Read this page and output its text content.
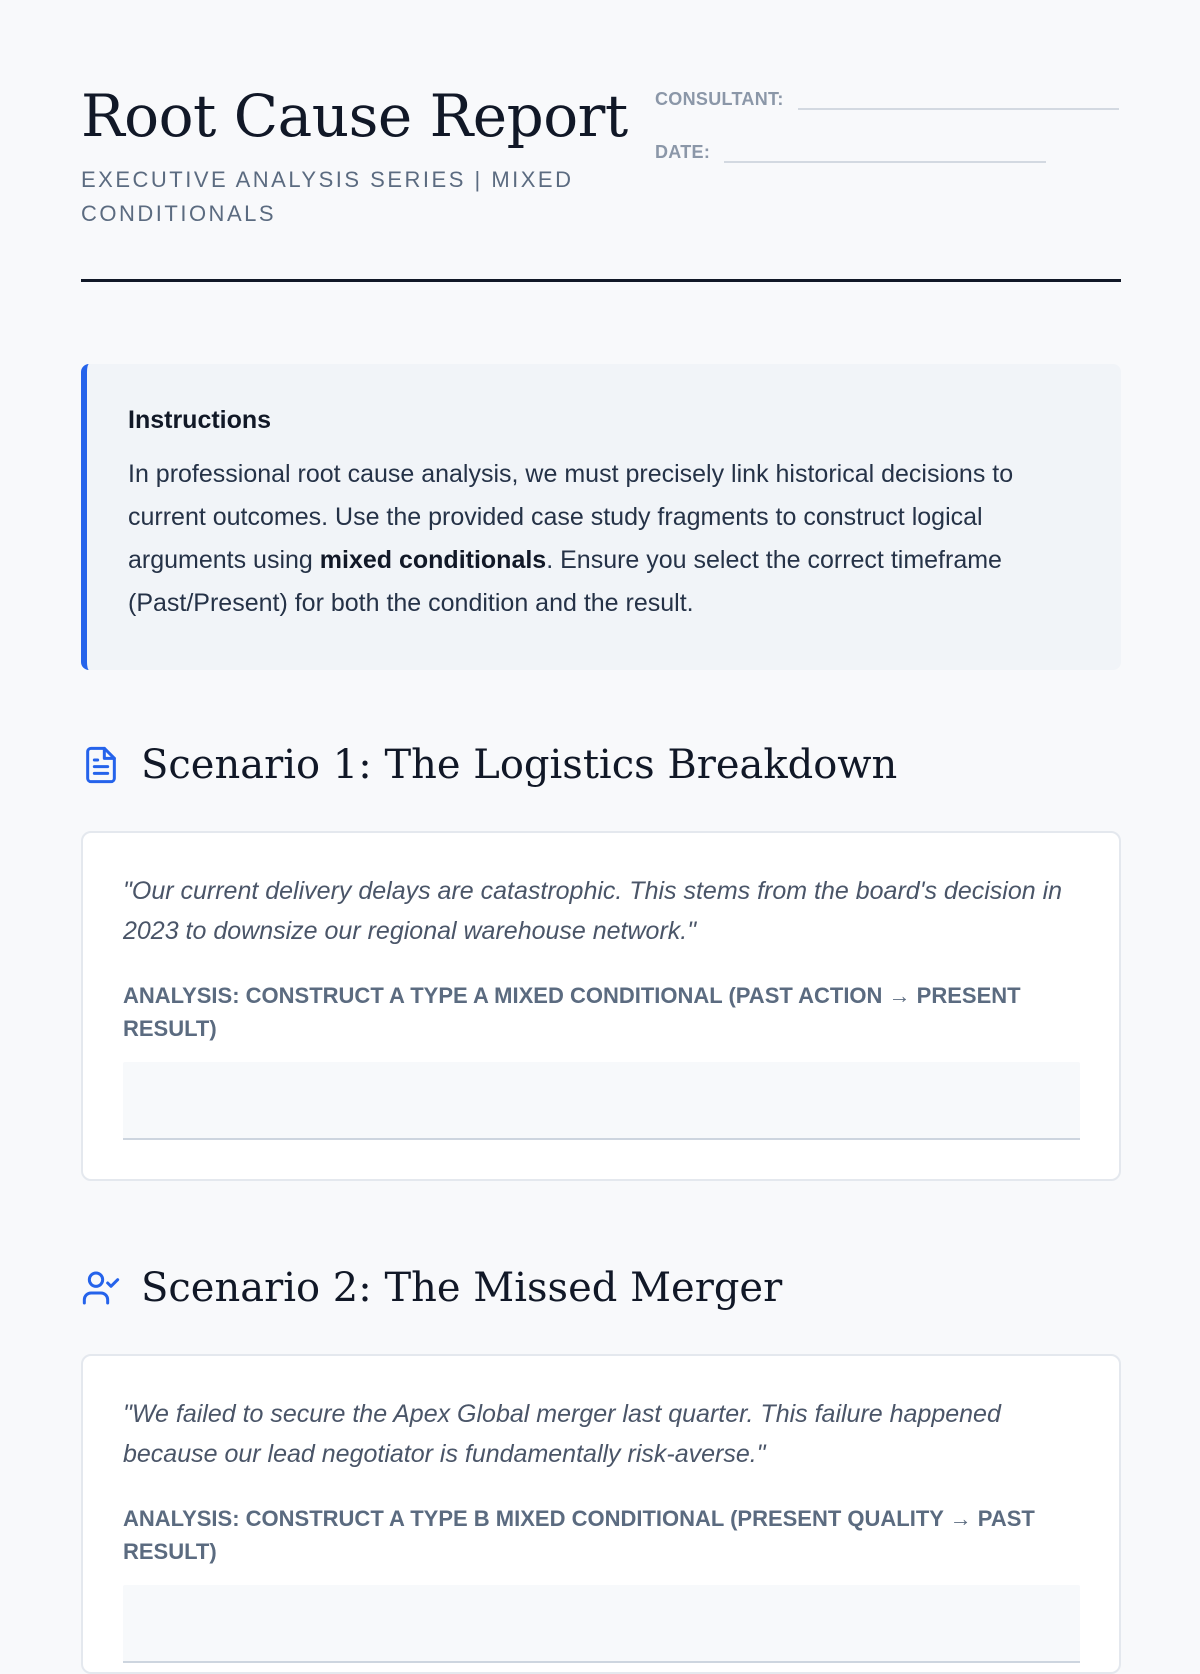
Root Cause Report

EXECUTIVE ANALYSIS SERIES | MIXED CONDITIONALS

CONSULTANT:
DATE:

Instructions

In professional root cause analysis, we must precisely link historical decisions to current outcomes. Use the provided case study fragments to construct logical arguments using mixed conditionals. Ensure you select the correct timeframe (Past/Present) for both the condition and the result.

Scenario 1: The Logistics Breakdown

"Our current delivery delays are catastrophic. This stems from the board's decision in 2023 to downsize our regional warehouse network."

ANALYSIS: CONSTRUCT A TYPE A MIXED CONDITIONAL (PAST ACTION → PRESENT RESULT)

Scenario 2: The Missed Merger

"We failed to secure the Apex Global merger last quarter. This failure happened because our lead negotiator is fundamentally risk-averse."

ANALYSIS: CONSTRUCT A TYPE B MIXED CONDITIONAL (PRESENT QUALITY → PAST RESULT)
